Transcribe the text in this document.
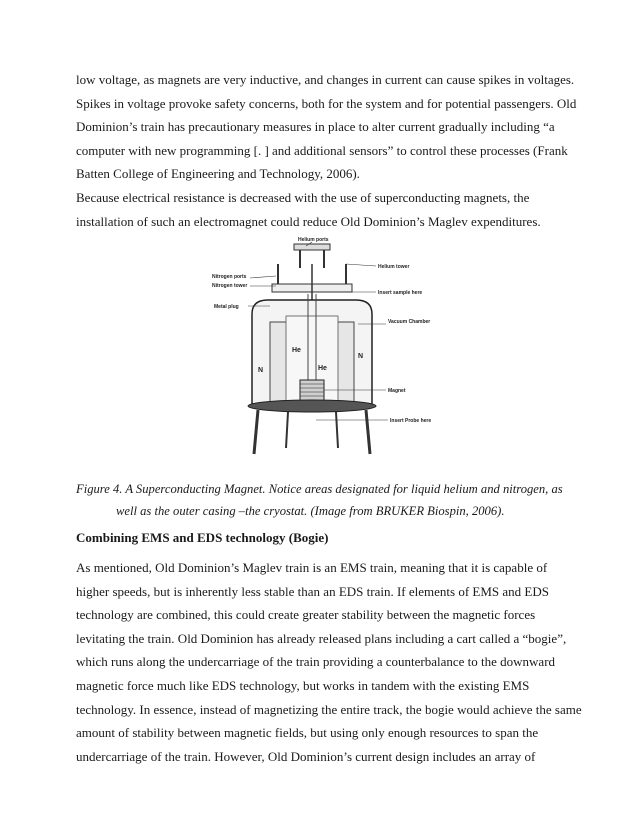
low voltage, as magnets are very inductive, and changes in current can cause spikes in voltages.
Spikes in voltage provoke safety concerns, both for the system and for potential passengers. Old
Dominion’s train has precautionary measures in place to alter current gradually including “a
computer with new programming [. ] and additional sensors” to control these processes (Frank
Batten College of Engineering and Technology, 2006).
Because electrical resistance is decreased with the use of superconducting magnets, the
installation of such an electromagnet could reduce Old Dominion’s Maglev expenditures.
Helium ports
Helium tower
Nitrogen ports
Nitrogen tower
Insert sample here
Metal plug
Vacuum Chamber
Magnet
Insert Probe here
He
He
N
N
Figure 4. A Superconducting Magnet. Notice areas designated for liquid helium and nitrogen, as
well as the outer casing –the cryostat. (Image from BRUKER Biospin, 2006).
Combining EMS and EDS technology (Bogie)
As mentioned, Old Dominion’s Maglev train is an EMS train, meaning that it is capable of
higher speeds, but is inherently less stable than an EDS train. If elements of EMS and EDS
technology are combined, this could create greater stability between the magnetic forces
levitating the train. Old Dominion has already released plans including a cart called a “bogie”,
which runs along the undercarriage of the train providing a counterbalance to the downward
magnetic force much like EDS technology, but works in tandem with the existing EMS
technology. In essence, instead of magnetizing the entire track, the bogie would achieve the same
amount of stability between magnetic fields, but using only enough resources to span the
undercarriage of the train. However, Old Dominion’s current design includes an array of
